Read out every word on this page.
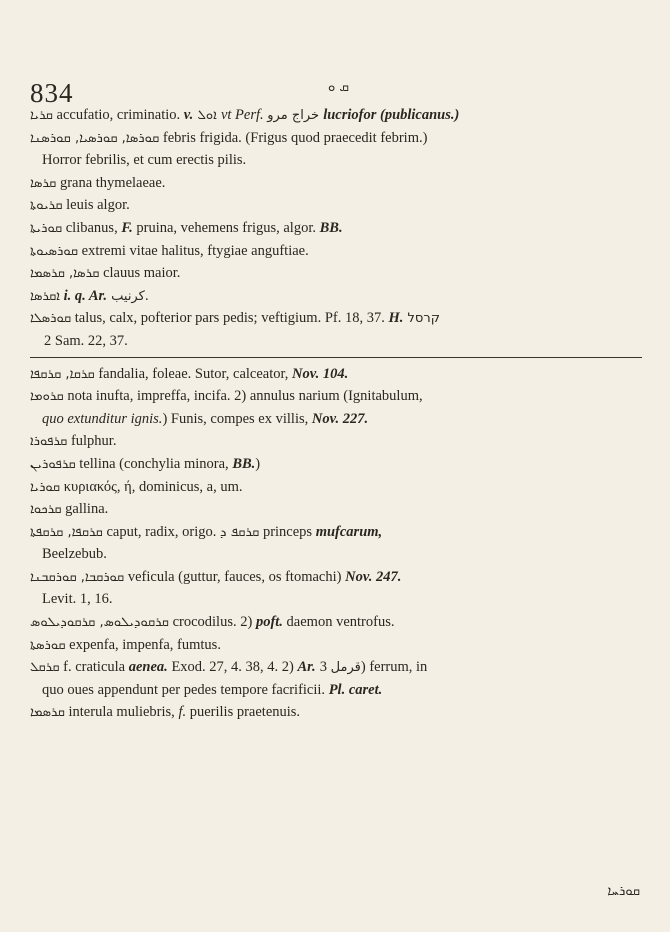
834	ܩ ܘ
ܩܪܝܐ accufatio, criminatio. v. ܐܘܠ vt Perf. خراج مرو lucriofor (publicanus.)
ܩܘܪܣܐ, ܩܘܪܣܝܐ, ܩܘܪܣܢܐ febris frigida. (Frigus quod praecedit febrim.)
Horror febrilis, et cum erectis pilis.
ܩܪܣܐ grana thymelaeae.
ܩܪܝܘܬܐ leuis algor.
ܩܘܪܝܬܐ clibanus, F. pruina, vehemens frigus, algor. BB.
ܩܘܪܣܝܘܬܐ extremi vitae halitus, ftygiae anguftiae.
ܩܪܣܐ, ܩܪܣܡܐ clauus maior.
ܐܩܪܣܐ i. q. Ar. كرنيب.
ܩܘܪܣܠܐ talus, calx, pofterior pars pedis; veftigium. Pf. 18, 37. H. קרסל
2 Sam. 22, 37.
ܩܪܩܐ, ܩܪܩܦܐ fandalia, foleae. Sutor, calceator, Nov. 104.
ܩܪܘܡܐ nota inufta, impreffa, incifa. 2) annulus narium (Ignitabulum,
quo extunditur ignis.) Funis, compes ex villis, Nov. 227.
ܩܪܦܘܪܐ fulphur.
ܩܪܦܘܪܝܢ tellina (conchylia minora, BB.)
ܩܘܪܝܐ κυριακός, ή, dominicus, a, um.
ܩܪܟܘܐ gallina.
ܩܪܩܦܐ, ܩܪܩܦܬܐ caput, radix, origo. ܩܪܩܦ ܕ princeps mufcarum,
Beelzebub.
ܩܘܪܩܒܐ, ܩܘܪܩܒܢܐ veficula (guttur, fauces, os ftomachi) Nov. 247.
Levit. 1, 16.
ܩܪܩܘܕܝܠܘܣ, ܩܪܩܘܕܝܠܘܣ crocodilus. 2) poft. daemon ventrofus.
ܩܘܪܣܬܐ expenfa, impenfa, fumtus.
ܩܪܩܠ f. craticula aenea. Exod. 27, 4. 38, 4. 2) Ar. قرمل 3) ferrum, in
quo oues appendunt per pedes tempore facrificii. Pl. caret.
ܩܪܣܡܐ interula muliebris, f. puerilis praetenuis.
ܩܘܪܚܐ
